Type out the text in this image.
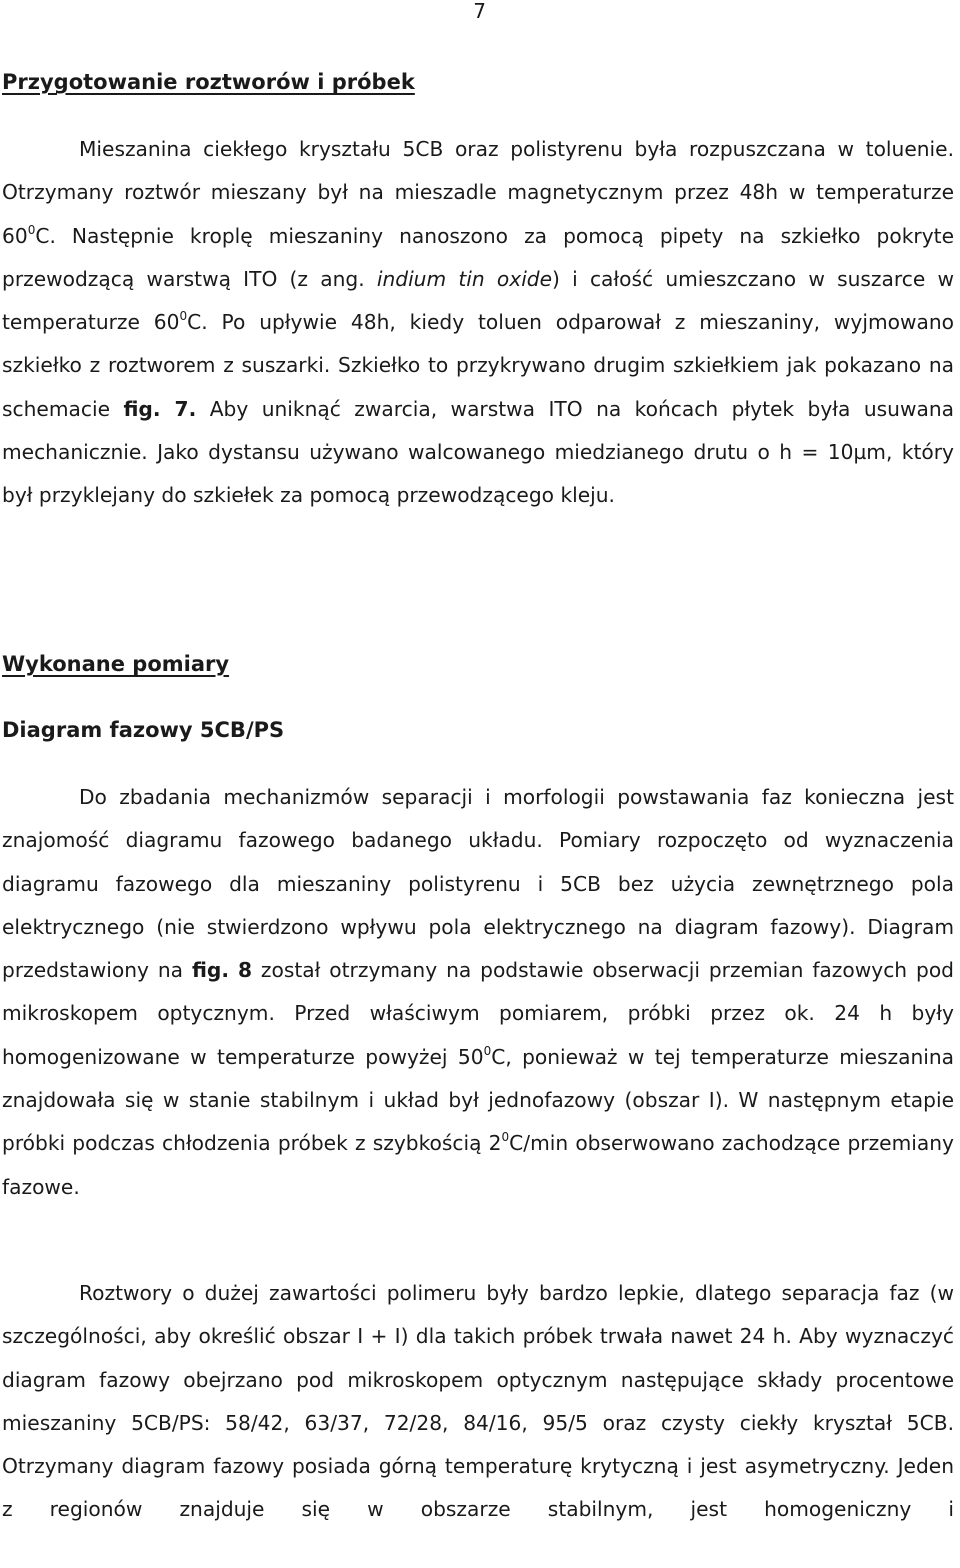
7
Przygotowanie roztworów i próbek

Mieszanina ciekłego kryształu 5CB oraz polistyrenu była rozpuszczana w toluenie. Otrzymany roztwór mieszany był na mieszadle magnetycznym przez 48h w temperaturze $60^0C$. Następnie kroplę mieszaniny nanoszono za pomocą pipety na szkiełko pokryte przewodzącą warstwą ITO (z ang. indium tin oxide) i całość umieszczano w suszarce w temperaturze $60^0C$. Po upływie 48h, kiedy toluen odparował z mieszaniny, wyjmowano szkiełko z roztworem z suszarki. Szkiełko to przykrywano drugim szkiełkiem jak pokazano na schemacie fig. 7. Aby uniknąć zwarcia, warstwa ITO na końcach płytek była usuwana mechanicznie. Jako dystansu używano walcowanego miedzianego drutu o h = 10µm, który był przyklejany do szkiełek za pomocą przewodzącego kleju.

Wykonane pomiary
Diagram fazowy 5CB/PS

Do zbadania mechanizmów separacji i morfologii powstawania faz konieczna jest znajomość diagramu fazowego badanego układu. Pomiary rozpoczęto od wyznaczenia diagramu fazowego dla mieszaniny polistyrenu i 5CB bez użycia zewnętrznego pola elektrycznego (nie stwierdzono wpływu pola elektrycznego na diagram fazowy). Diagram przedstawiony na fig. 8 został otrzymany na podstawie obserwacji przemian fazowych pod mikroskopem optycznym. Przed właściwym pomiarem, próbki przez ok. 24 h były homogenizowane w temperaturze powyżej $50^0C$, ponieważ w tej temperaturze mieszanina znajdowała się w stanie stabilnym i układ był jednofazowy (obszar I). W następnym etapie próbki podczas chłodzenia próbek z szybkością $2^0C/\min$ obserwowano zachodzące przemiany fazowe.

Roztwory o dużej zawartości polimeru były bardzo lepkie, dlatego separacja faz (w szczególności, aby określić obszar I + I) dla takich próbek trwała nawet 24 h. Aby wyznaczyć diagram fazowy obejrzano pod mikroskopem optycznym następujące składy procentowe mieszaniny 5CB/PS: 58/42, 63/37, 72/28, 84/16, 95/5 oraz czysty ciekły kryształ 5CB. Otrzymany diagram fazowy posiada górną temperaturę krytyczną i jest asymetryczny. Jeden z regionów znajduje się w obszarze stabilnym, jest homogeniczny i
